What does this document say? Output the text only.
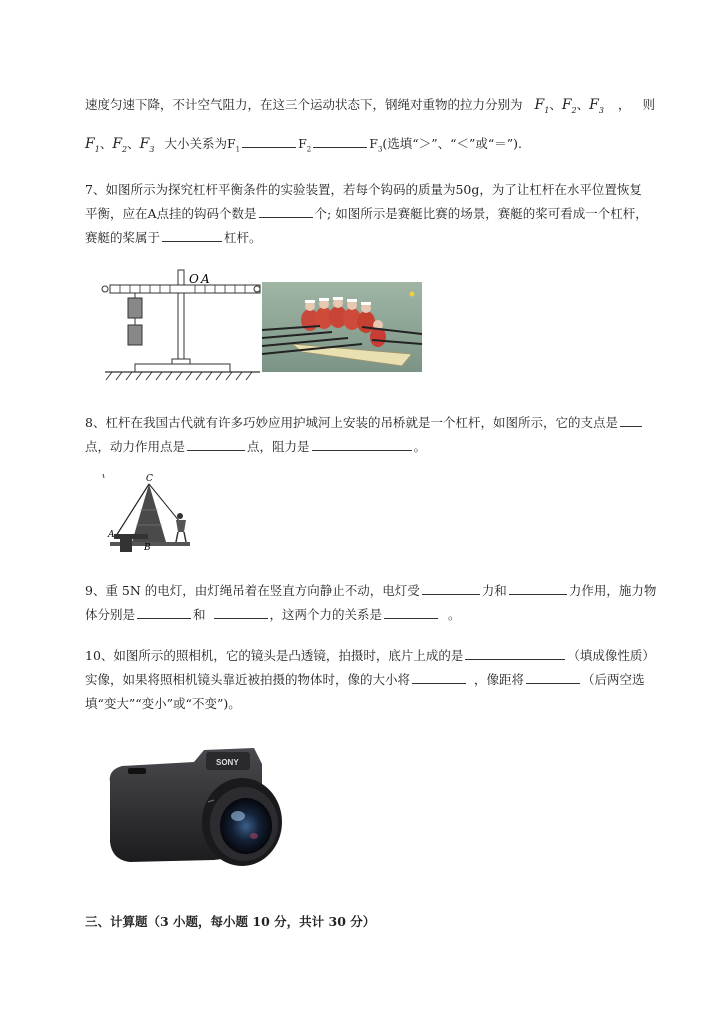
速度匀速下降，不计空气阻力，在这三个运动状态下，钢绳对重物的拉力分别为 $F_1$、$F_2$、$F_3$ ， 则
$F_1$、$F_2$、$F_3$ 大小关系为$F_1$	$F_2$	$F_3$(选填“＞”、“＜”或“＝”).
7、如图所示为探究杠杆平衡条件的实验装置，若每个钩码的质量为50g，为了让杠杆在水平位置恢复
平衡，应在A点挂的钩码个数是	个; 如图所示是赛艇比赛的场景，赛艇的桨可看成一个杠杆，
赛艇的桨属于	杠杆。
O A
8、杠杆在我国古代就有许多巧妙应用护城河上安装的吊桥就是一个杠杆，如图所示，它的支点是
点，动力作用点是	点，阻力是	。
C
A
B
9、重 5N 的电灯，由灯绳吊着在竖直方向静止不动，电灯受	力和	力作用，施力物
体分别是	和	，这两个力的关系是	。
10、如图所示的照相机，它的镜头是凸透镜，拍摄时，底片上成的是	（填成像性质）
实像，如果将照相机镜头靠近被拍摄的物体时，像的大小将	，像距将	（后两空选
填“变大”“变小”或“不变”)。
SONY
三、计算题（3 小题，每小题 10 分，共计 30 分）
